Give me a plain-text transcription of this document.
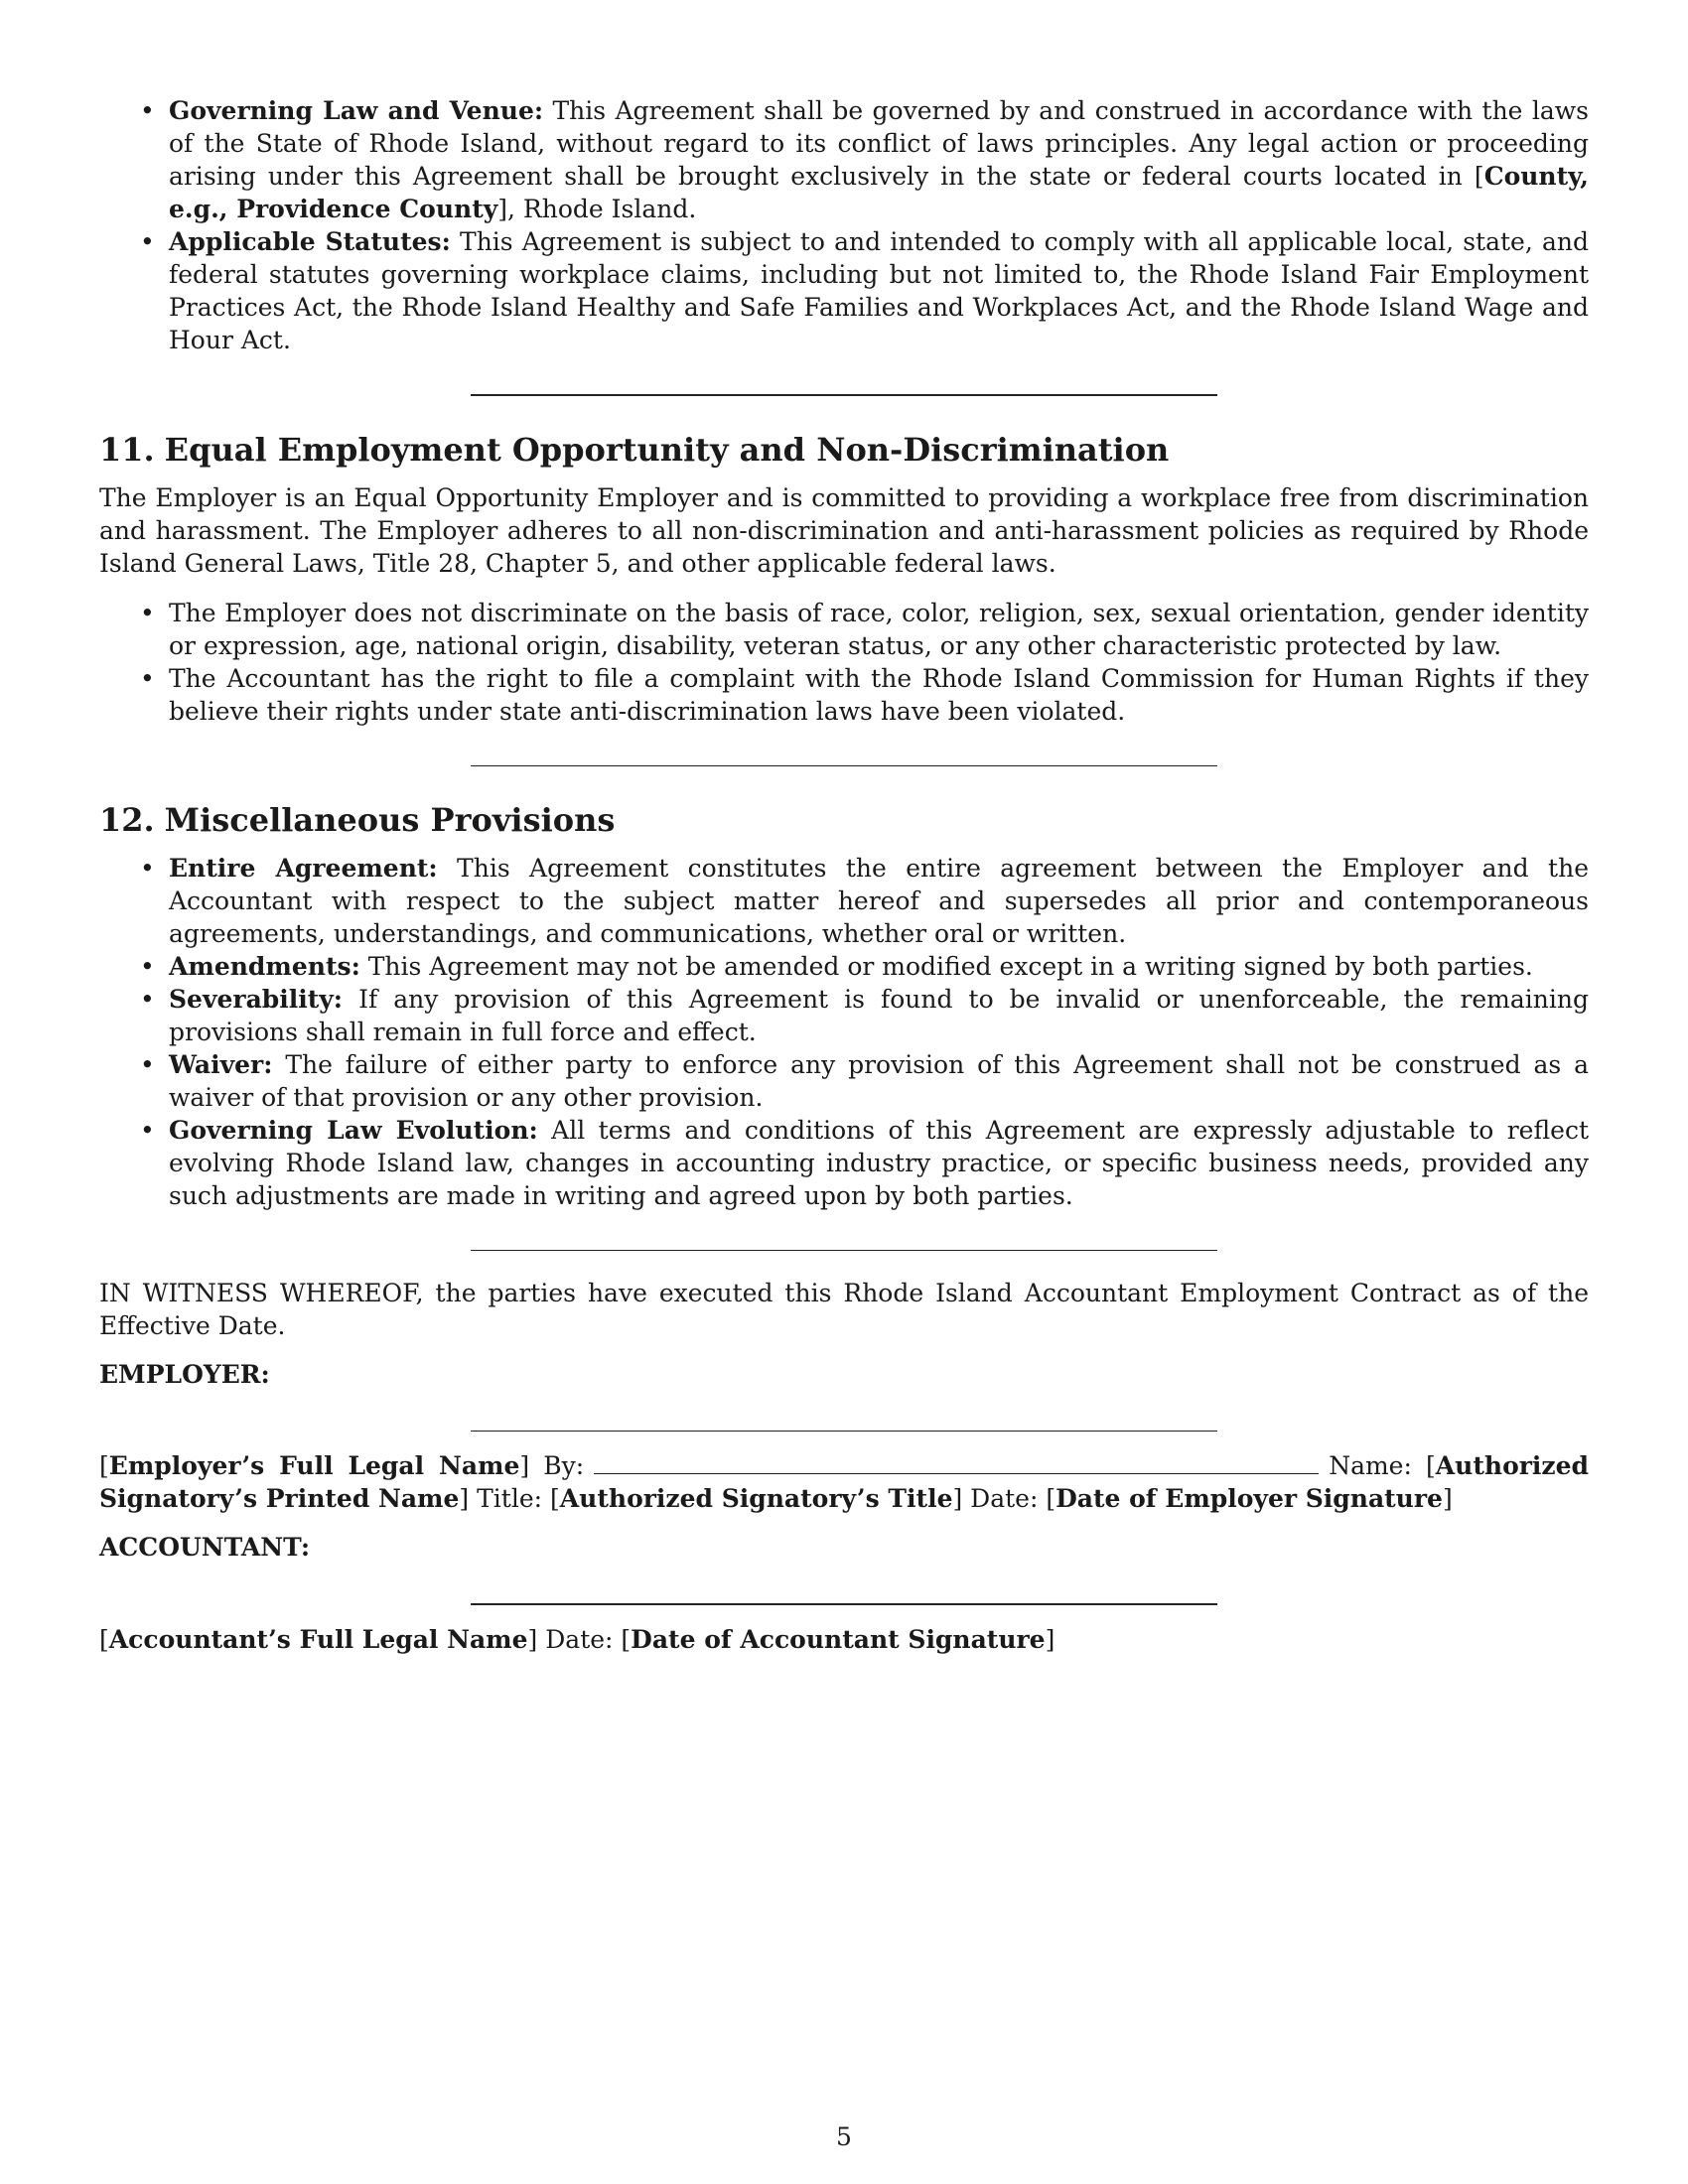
• Governing Law and Venue: This Agreement shall be governed by and construed in accordance with the laws of the State of Rhode Island, without regard to its conflict of laws principles. Any legal action or proceeding arising under this Agreement shall be brought exclusively in the state or federal courts located in [County, e.g., Providence County], Rhode Island.
• Applicable Statutes: This Agreement is subject to and intended to comply with all applicable local, state, and federal statutes governing workplace claims, including but not limited to, the Rhode Island Fair Employment Practices Act, the Rhode Island Healthy and Safe Families and Workplaces Act, and the Rhode Island Wage and Hour Act.
11. Equal Employment Opportunity and Non-Discrimination

The Employer is an Equal Opportunity Employer and is committed to providing a workplace free from discrimination and harassment. The Employer adheres to all non-discrimination and anti-harassment policies as required by Rhode Island General Laws, Title 28, Chapter 5, and other applicable federal laws.

• The Employer does not discriminate on the basis of race, color, religion, sex, sexual orientation, gender identity or expression, age, national origin, disability, veteran status, or any other characteristic protected by law.
• The Accountant has the right to file a complaint with the Rhode Island Commission for Human Rights if they believe their rights under state anti-discrimination laws have been violated.
12. Miscellaneous Provisions
• Entire Agreement: This Agreement constitutes the entire agreement between the Employer and the Accountant with respect to the subject matter hereof and supersedes all prior and contemporaneous agreements, understandings, and communications, whether oral or written.
• Amendments: This Agreement may not be amended or modified except in a writing signed by both parties.
• Severability: If any provision of this Agreement is found to be invalid or unenforceable, the remaining provisions shall remain in full force and effect.
• Waiver: The failure of either party to enforce any provision of this Agreement shall not be construed as a waiver of that provision or any other provision.
• Governing Law Evolution: All terms and conditions of this Agreement are expressly adjustable to reflect evolving Rhode Island law, changes in accounting industry practice, or specific business needs, provided any such adjustments are made in writing and agreed upon by both parties.

IN WITNESS WHEREOF, the parties have executed this Rhode Island Accountant Employment Contract as of the Effective Date.

EMPLOYER:

[Employer’s Full Legal Name] By:	Name: [Authorized Signatory’s Printed Name] Title: [Authorized Signatory’s Title] Date: [Date of Employer Signature]

ACCOUNTANT:

[Accountant’s Full Legal Name] Date: [Date of Accountant Signature]

5
